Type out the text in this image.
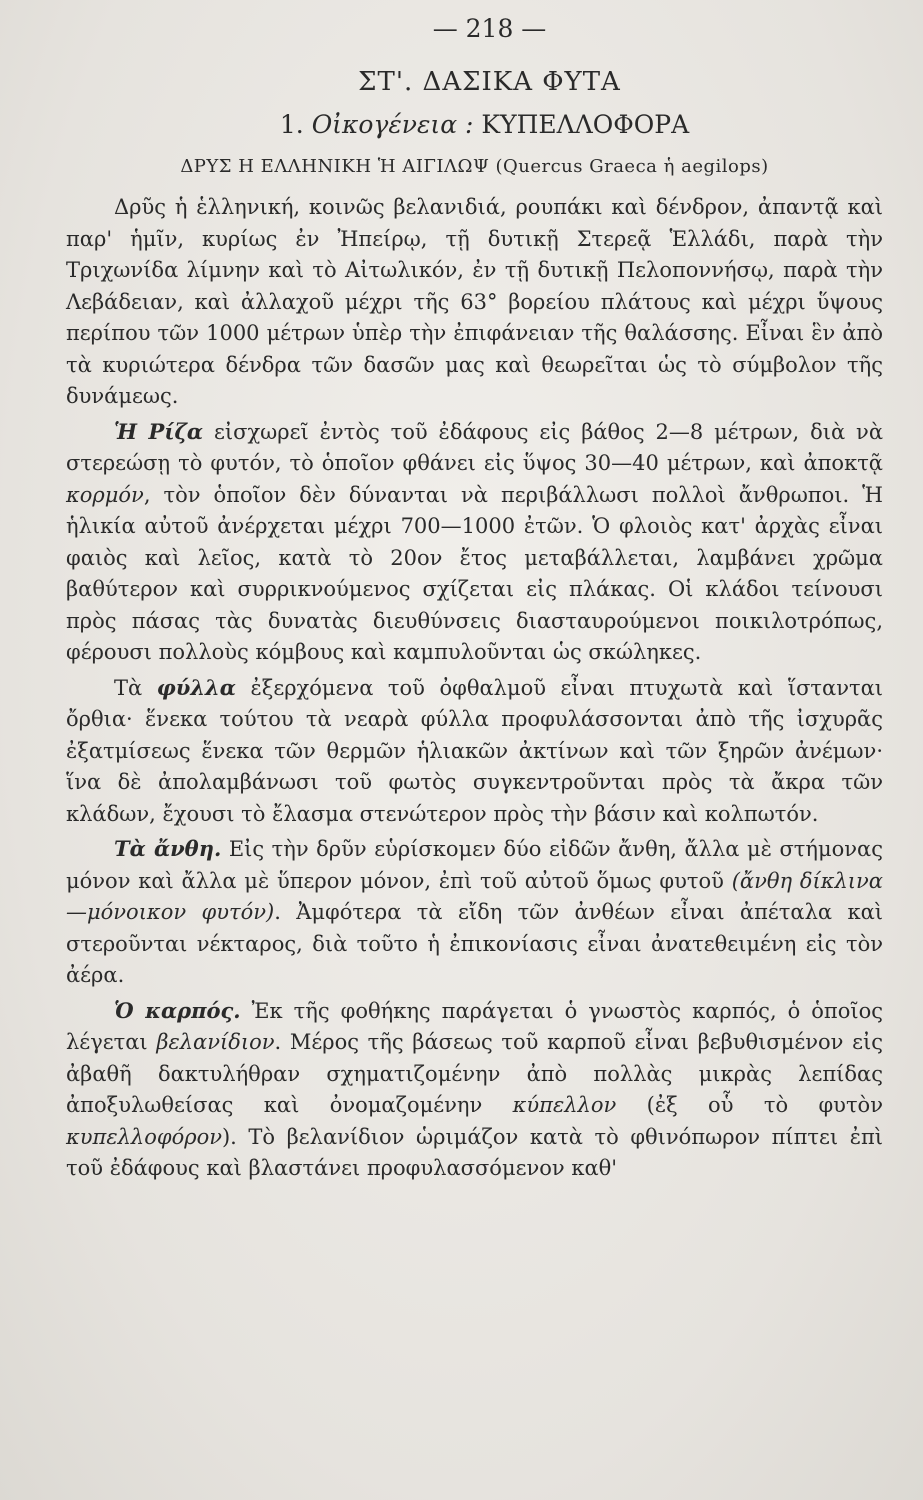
— 218 —
ΣΤ'. ΔΑΣΙΚΑ ΦΥΤΑ
1. Οἰκογένεια : ΚΥΠΕΛΛΟΦΟΡΑ
ΔΡΥΣ Η ΕΛΛΗΝΙΚΗ Ἡ ΑΙΓΙΛΩΨ (Quercus Graeca ἡ aegilops)

Δρῦς ἡ ἑλληνική, κοινῶς βελανιδιά, ρουπάκι καὶ δένδρον, ἀπαντᾷ καὶ παρ' ἡμῖν, κυρίως ἐν Ἠπείρῳ, τῇ δυτικῇ Στερεᾷ Ἑλλάδι, παρὰ τὴν Τριχωνίδα λίμνην καὶ τὸ Αἰτωλικόν, ἐν τῇ δυτικῇ Πελοποννήσῳ, παρὰ τὴν Λεβάδειαν, καὶ ἀλλαχοῦ μέχρι τῆς 63° βορείου πλάτους καὶ μέχρι ὕψους περίπου τῶν 1000 μέτρων ὑπὲρ τὴν ἐπιφάνειαν τῆς θαλάσσης. Εἶναι ἓν ἀπὸ τὰ κυριώτερα δένδρα τῶν δασῶν μας καὶ θεωρεῖται ὡς τὸ σύμβολον τῆς δυνάμεως.

Ἡ Ρίζα εἰσχωρεῖ ἐντὸς τοῦ ἐδάφους εἰς βάθος 2—8 μέτρων, διὰ νὰ στερεώσῃ τὸ φυτόν, τὸ ὁποῖον φθάνει εἰς ὕψος 30—40 μέτρων, καὶ ἀποκτᾷ κορμόν, τὸν ὁποῖον δὲν δύνανται νὰ περιβάλλωσι πολλοὶ ἄνθρωποι. Ἡ ἡλικία αὐτοῦ ἀνέρχεται μέχρι 700—1000 ἐτῶν. Ὁ φλοιὸς κατ' ἀρχὰς εἶναι φαιὸς καὶ λεῖος, κατὰ τὸ 20ον ἔτος μεταβάλλεται, λαμβάνει χρῶμα βαθύτερον καὶ συρρικνούμενος σχίζεται εἰς πλάκας. Οἱ κλάδοι τείνουσι πρὸς πάσας τὰς δυνατὰς διευθύνσεις διασταυρούμενοι ποικιλοτρόπως, φέρουσι πολλοὺς κόμβους καὶ καμπυλοῦνται ὡς σκώληκες.

Τὰ φύλλα ἐξερχόμενα τοῦ ὀφθαλμοῦ εἶναι πτυχωτὰ καὶ ἵστανται ὄρθια· ἕνεκα τούτου τὰ νεαρὰ φύλλα προφυλάσσονται ἀπὸ τῆς ἰσχυρᾶς ἐξατμίσεως ἕνεκα τῶν θερμῶν ἡλιακῶν ἀκτίνων καὶ τῶν ξηρῶν ἀνέμων· ἵνα δὲ ἀπολαμβάνωσι τοῦ φωτὸς συγκεντροῦνται πρὸς τὰ ἄκρα τῶν κλάδων, ἔχουσι τὸ ἔλασμα στενώτερον πρὸς τὴν βάσιν καὶ κολπωτόν.

Τὰ ἄνθη. Εἰς τὴν δρῦν εὑρίσκομεν δύο εἰδῶν ἄνθη, ἄλλα μὲ στήμονας μόνον καὶ ἄλλα μὲ ὕπερον μόνον, ἐπὶ τοῦ αὐτοῦ ὅμως φυτοῦ (ἄνθη δίκλινα—μόνοικον φυτόν). Ἀμφότερα τὰ εἴδη τῶν ἀνθέων εἶναι ἀπέταλα καὶ στεροῦνται νέκταρος, διὰ τοῦτο ἡ ἐπικονίασις εἶναι ἀνατεθειμένη εἰς τὸν ἀέρα.

Ὁ καρπός. Ἐκ τῆς φοθήκης παράγεται ὁ γνωστὸς καρπός, ὁ ὁποῖος λέγεται βελανίδιον. Μέρος τῆς βάσεως τοῦ καρποῦ εἶναι βεβυθισμένον εἰς ἀβαθῆ δακτυλήθραν σχηματιζομένην ἀπὸ πολλὰς μικρὰς λεπίδας ἀποξυλωθείσας καὶ ὀνομαζομένην κύπελλον (ἐξ οὗ τὸ φυτὸν κυπελλοφόρον). Τὸ βελανίδιον ὡριμάζον κατὰ τὸ φθινόπωρον πίπτει ἐπὶ τοῦ ἐδάφους καὶ βλαστάνει προφυλασσόμενον καθ'
